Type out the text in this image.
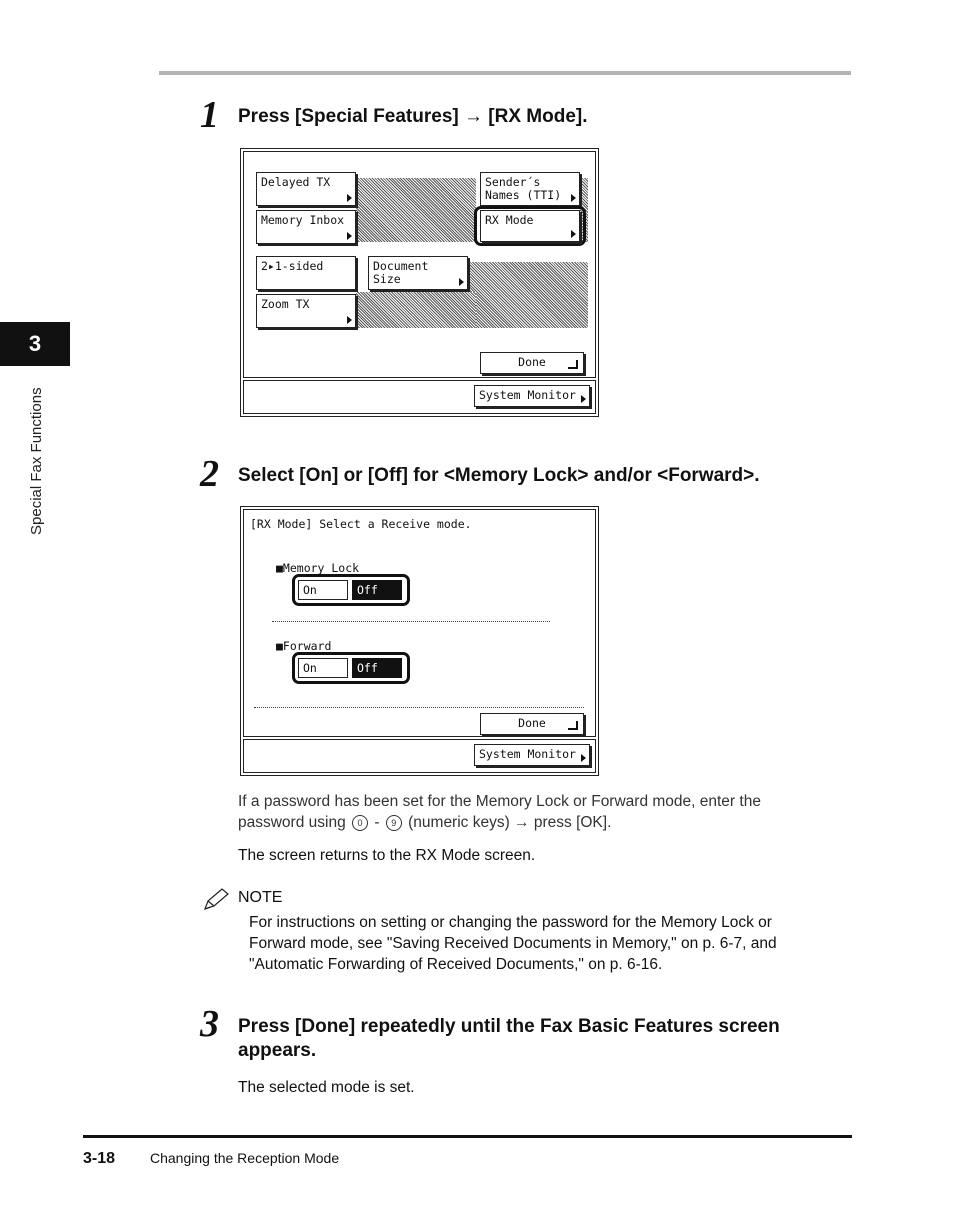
3
Special Fax Functions
1 Press [Special Features] → [RX Mode].
Delayed TX
Memory Inbox
2▸1-sided
Zoom TX
Document
Size
Sender´s
Names (TTI)
RX Mode
Done
System Monitor
2 Select [On] or [Off] for <Memory Lock> and/or <Forward>.
[RX Mode] Select a Receive mode.
■Memory Lock
On	Off
■Forward
On	Off
Done
System Monitor
If a password has been set for the Memory Lock or Forward mode, enter the
password using 0 - 9 (numeric keys) → press [OK].
The screen returns to the RX Mode screen.
NOTE
For instructions on setting or changing the password for the Memory Lock or Forward mode, see "Saving Received Documents in Memory," on p. 6-7, and "Automatic Forwarding of Received Documents," on p. 6-16.
3 Press [Done] repeatedly until the Fax Basic Features screen appears.
The selected mode is set.
3-18 Changing the Reception Mode
